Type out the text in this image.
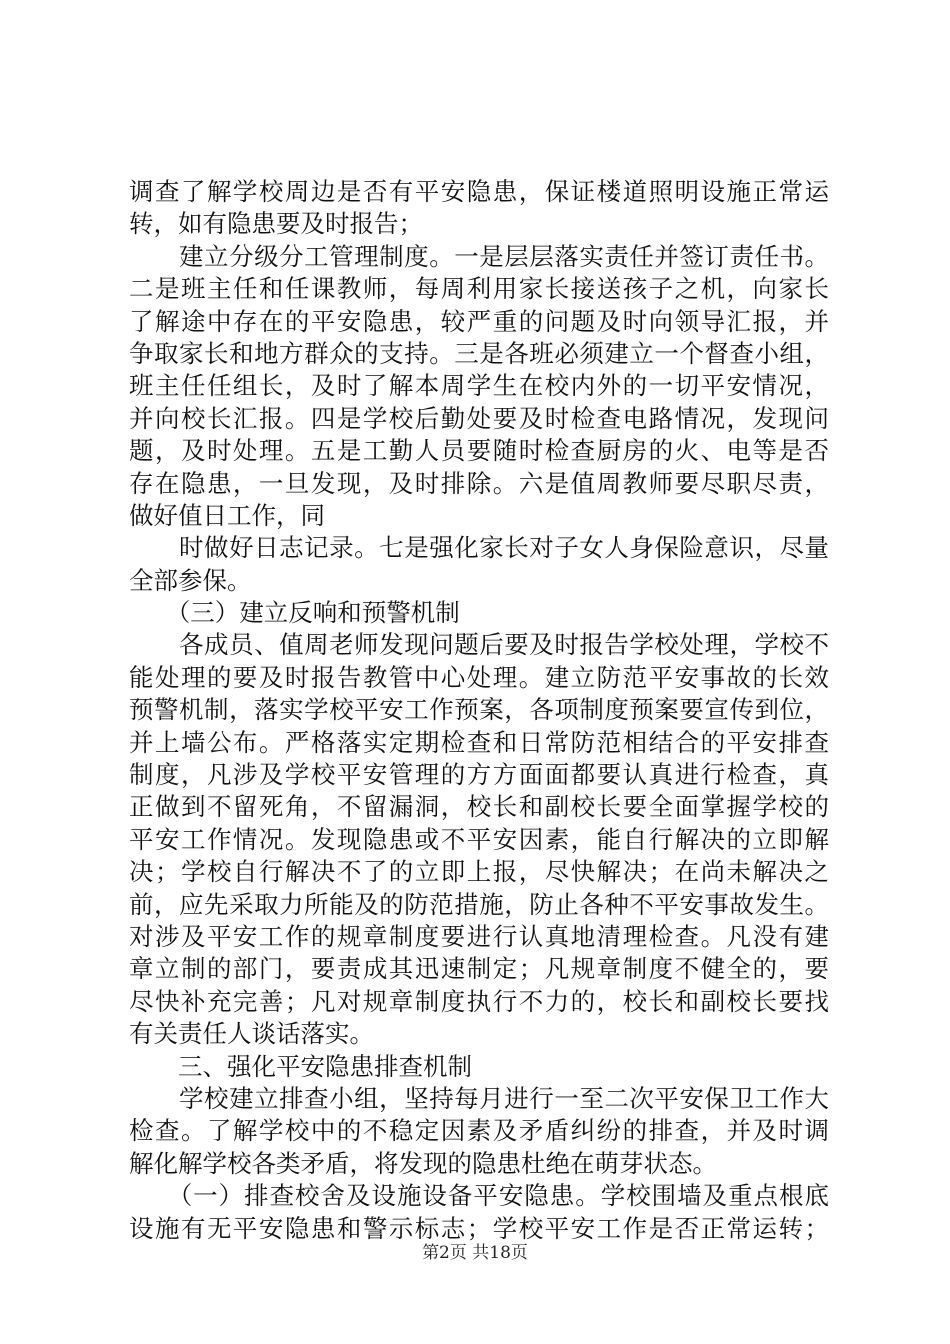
调查了解学校周边是否有平安隐患，保证楼道照明设施正常运
转，如有隐患要及时报告；
　　建立分级分工管理制度。一是层层落实责任并签订责任书。
二是班主任和任课教师，每周利用家长接送孩子之机，向家长
了解途中存在的平安隐患，较严重的问题及时向领导汇报，并
争取家长和地方群众的支持。三是各班必须建立一个督查小组，
班主任任组长，及时了解本周学生在校内外的一切平安情况，
并向校长汇报。四是学校后勤处要及时检查电路情况，发现问
题，及时处理。五是工勤人员要随时检查厨房的火、电等是否
存在隐患，一旦发现，及时排除。六是值周教师要尽职尽责，
做好值日工作，同
　　时做好日志记录。七是强化家长对子女人身保险意识，尽量
全部参保。
　　（三）建立反响和预警机制
　　各成员、值周老师发现问题后要及时报告学校处理，学校不
能处理的要及时报告教管中心处理。建立防范平安事故的长效
预警机制，落实学校平安工作预案，各项制度预案要宣传到位，
并上墙公布。严格落实定期检查和日常防范相结合的平安排查
制度，凡涉及学校平安管理的方方面面都要认真进行检查，真
正做到不留死角，不留漏洞，校长和副校长要全面掌握学校的
平安工作情况。发现隐患或不平安因素，能自行解决的立即解
决；学校自行解决不了的立即上报，尽快解决；在尚未解决之
前，应先采取力所能及的防范措施，防止各种不平安事故发生。
对涉及平安工作的规章制度要进行认真地清理检查。凡没有建
章立制的部门，要责成其迅速制定；凡规章制度不健全的，要
尽快补充完善；凡对规章制度执行不力的，校长和副校长要找
有关责任人谈话落实。
　　三、强化平安隐患排查机制
　　学校建立排查小组，坚持每月进行一至二次平安保卫工作大
检查。了解学校中的不稳定因素及矛盾纠纷的排查，并及时调
解化解学校各类矛盾，将发现的隐患杜绝在萌芽状态。
　　（一）排查校舍及设施设备平安隐患。学校围墙及重点根底
设施有无平安隐患和警示标志；学校平安工作是否正常运转；
第2页 共18页
